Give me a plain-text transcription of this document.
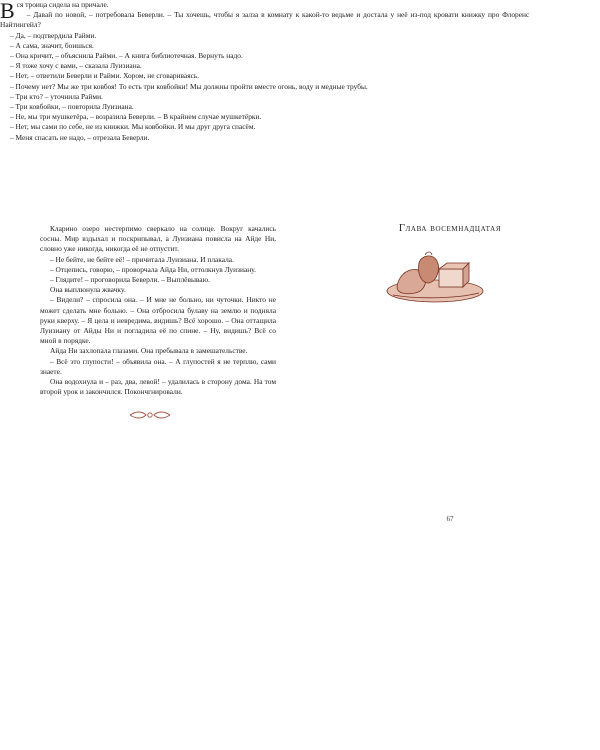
Кларино озеро нестерпимо сверкало на солнце. Вокруг качались сосны. Мир вздыхал и поскрипывал, а Луизиана повисла на Айде Ни, словно уже никогда, никогда её не отпустит.

– Не бейте, не бейте её! – причитала Луизиана. И плакала.

– Отцепись, говорю, – проворчала Айда Ни, оттолкнув Луизиану.

– Глядите! – проговорила Беверли. – Выплёвываю.

Она выплюнула жвачку.

– Видели? – спросила она. – И мне не больно, ни чуточки. Никто не может сделать мне больно. – Она отбросила булаву на землю и подняла руки кверху. – Я цела и невредима, видишь? Всё хорошо. – Она оттащила Луизиану от Айды Ни и погладила её по спине. – Ну, видишь? Всё со мной в порядке.

Айда Ни захлопала глазами. Она пребывала в замешательстве.

– Всё это глупости! – объявила она. – А глупостей я не терплю, сами знаете.

Она водохнула и – раз, два, левой! – удалилась в сторону дома. На том второй урок и закончился. Покончгнировали.

Глава восемнадцатая

Вся троица сидела на причале.

– Давай по новой, – потребовала Беверли. – Ты хочешь, чтобы я залза в комнату к какой-то ведьме и достала у неё из-под кровати книжку про Флоренс Найтингейл?

– Да, – подтвердила Райми.

– А сама, значит, боишься.

– Она кричит, – объяснила Райми. – А книга библиотечная. Вернуть надо.

– Я тоже хочу с вами, – сказала Луизиана.

– Нет, – ответили Беверли и Райми. Хором, не сговариваясь.

– Почему нет? Мы же три ковбоя! То есть три ковбойки! Мы должны пройти вместе огонь, воду и медные трубы.

– Три кто? – уточнила Райми.

– Три ковбойки, – повторила Луизиана.

– Не, мы три мушкетёра, – возразила Беверли. – В крайнем случае мушкетёрки.

– Нет, мы сами по себе, не из книжки. Мы ковбойки. И мы друг друга спасём.

– Меня спасать не надо, – отрезала Беверли.

67
